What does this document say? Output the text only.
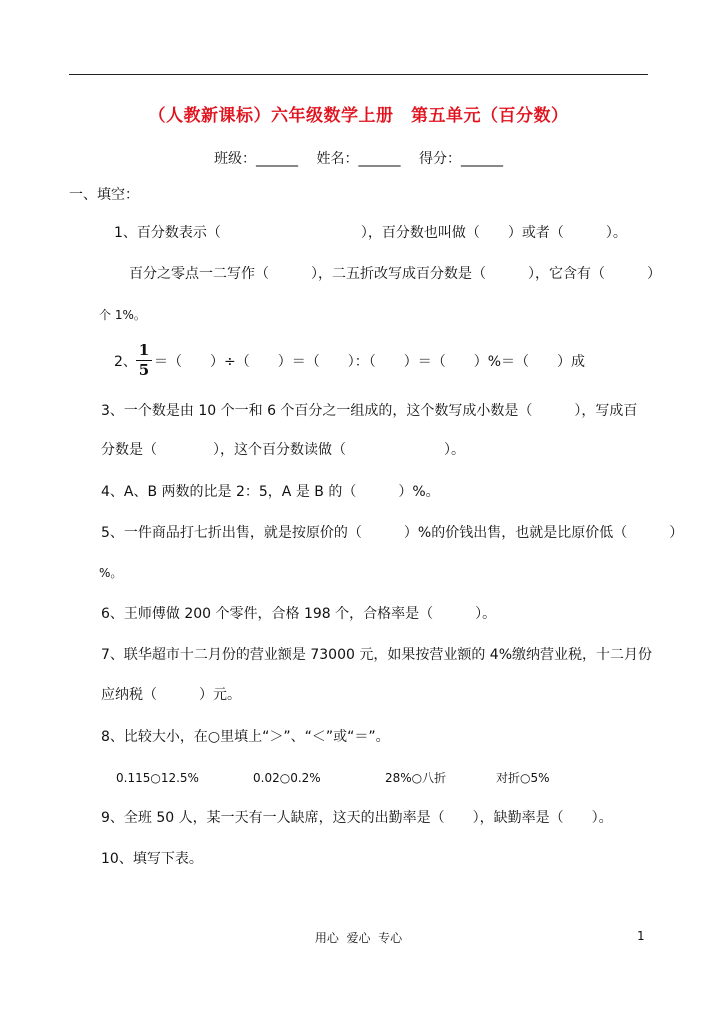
（人教新课标）六年级数学上册　第五单元（百分数）
班级：______　 姓名：______　 得分：______
一、填空：
1、百分数表示（　　　　　　　　　　），百分数也叫做（　　）或者（　　　）。
百分之零点一二写作（　　　），二五折改写成百分数是（　　　），它含有（　　　）
个 1%。
2、
1
5 ＝（　　）÷（　　）＝（　　）：（　　）＝（　　）%＝（　　）成
3、一个数是由 10 个一和 6 个百分之一组成的，这个数写成小数是（　　　），写成百
分数是（　　　　），这个百分数读做（　　　　　　　）。
4、A、B 两数的比是 2：5，A 是 B 的（　　　）%。
5、一件商品打七折出售，就是按原价的（　　　）%的价钱出售，也就是比原价低（　　　）
%。
6、王师傅做 200 个零件，合格 198 个，合格率是（　　　）。
7、联华超市十二月份的营业额是 73000 元，如果按营业额的 4%缴纳营业税，十二月份
应纳税（　　　）元。
8、比较大小，在○里填上“＞”、“＜”或“＝”。
0.115○12.5%	0.02○0.2%	28%○八折	对折○5%
9、全班 50 人，某一天有一人缺席，这天的出勤率是（　　），缺勤率是（　　）。
10、填写下表。
用心  爱心  专心	1
